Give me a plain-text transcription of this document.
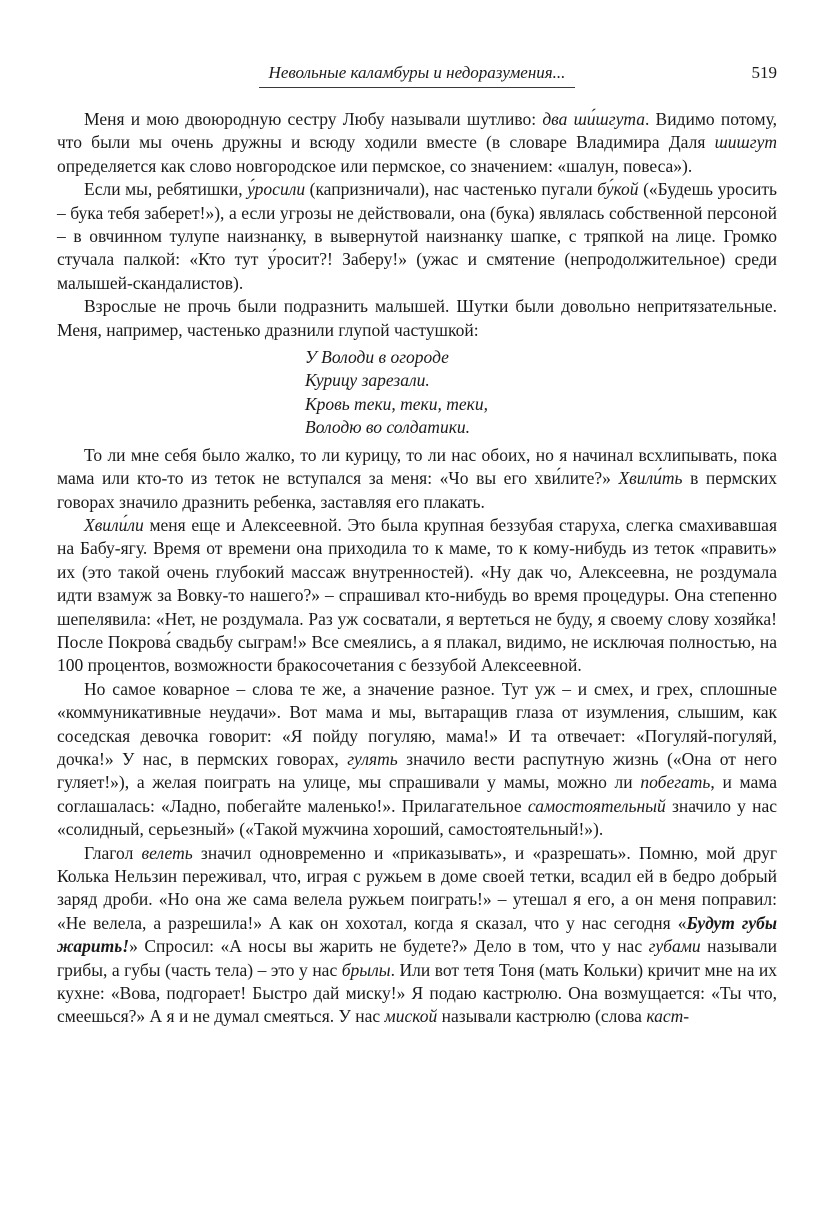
Невольные каламбуры и недоразумения...	519

Меня и мою двоюродную сестру Любу называли шутливо: два ши́шгута. Видимо потому, что были мы очень дружны и всюду ходили вместе (в словаре Владимира Даля шишгут определяется как слово новгородское или пермское, со значением: «шалун, повеса»).

Если мы, ребятишки, у́росили (капризничали), нас частенько пугали бу́кой («Будешь уросить – бука тебя заберет!»), а если угрозы не действовали, она (бука) являлась собственной персоной – в овчинном тулупе наизнанку, в вывернутой наизнанку шапке, с тряпкой на лице. Громко стучала палкой: «Кто тут у́росит?! Заберу!» (ужас и смятение (непродолжительное) среди малышей-скандалистов).

Взрослые не прочь были подразнить малышей. Шутки были довольно непритязательные. Меня, например, частенько дразнили глупой частушкой:

У Володи в огороде
Курицу зарезали.
Кровь теки, теки, теки,
Володю во солдатики.

То ли мне себя было жалко, то ли курицу, то ли нас обоих, но я начинал всхлипывать, пока мама или кто-то из теток не вступался за меня: «Чо вы его хви́лите?» Хвили́ть в пермских говорах значило дразнить ребенка, заставляя его плакать.

Хвили́ли меня еще и Алексеевной. Это была крупная беззубая старуха, слегка смахивавшая на Бабу-ягу. Время от времени она приходила то к маме, то к кому-нибудь из теток «править» их (это такой очень глубокий массаж внутренностей). «Ну дак чо, Алексеевна, не роздумала идти взамуж за Вовку-то нашего?» – спрашивал кто-нибудь во время процедуры. Она степенно шепелявила: «Нет, не роздумала. Раз уж сосватали, я вертеться не буду, я своему слову хозяйка! После Покрова́ свадьбу сыграм!» Все смеялись, а я плакал, видимо, не исключая полностью, на 100 процентов, возможности бракосочетания с беззубой Алексеевной.

Но самое коварное – слова те же, а значение разное. Тут уж – и смех, и грех, сплошные «коммуникативные неудачи». Вот мама и мы, вытаращив глаза от изумления, слышим, как соседская девочка говорит: «Я пойду погуляю, мама!» И та отвечает: «Погуляй-погуляй, дочка!» У нас, в пермских говорах, гулять значило вести распутную жизнь («Она от него гуляет!»), а желая поиграть на улице, мы спрашивали у мамы, можно ли побегать, и мама соглашалась: «Ладно, побегайте маленько!». Прилагательное самостоятельный значило у нас «солидный, серьезный» («Такой мужчина хороший, самостоятельный!»).

Глагол велеть значил одновременно и «приказывать», и «разрешать». Помню, мой друг Колька Нельзин переживал, что, играя с ружьем в доме своей тетки, всадил ей в бедро добрый заряд дроби. «Но она же сама велела ружьем поиграть!» – утешал я его, а он меня поправил: «Не велела, а разрешила!» А как он хохотал, когда я сказал, что у нас сегодня «Будут губы жарить!» Спросил: «А носы вы жарить не будете?» Дело в том, что у нас губами называли грибы, а губы (часть тела) – это у нас брылы. Или вот тетя Тоня (мать Кольки) кричит мне на их кухне: «Вова, подгорает! Быстро дай миску!» Я подаю кастрюлю. Она возмущается: «Ты что, смеешься?» А я и не думал смеяться. У нас миской называли кастрюлю (слова каст-
